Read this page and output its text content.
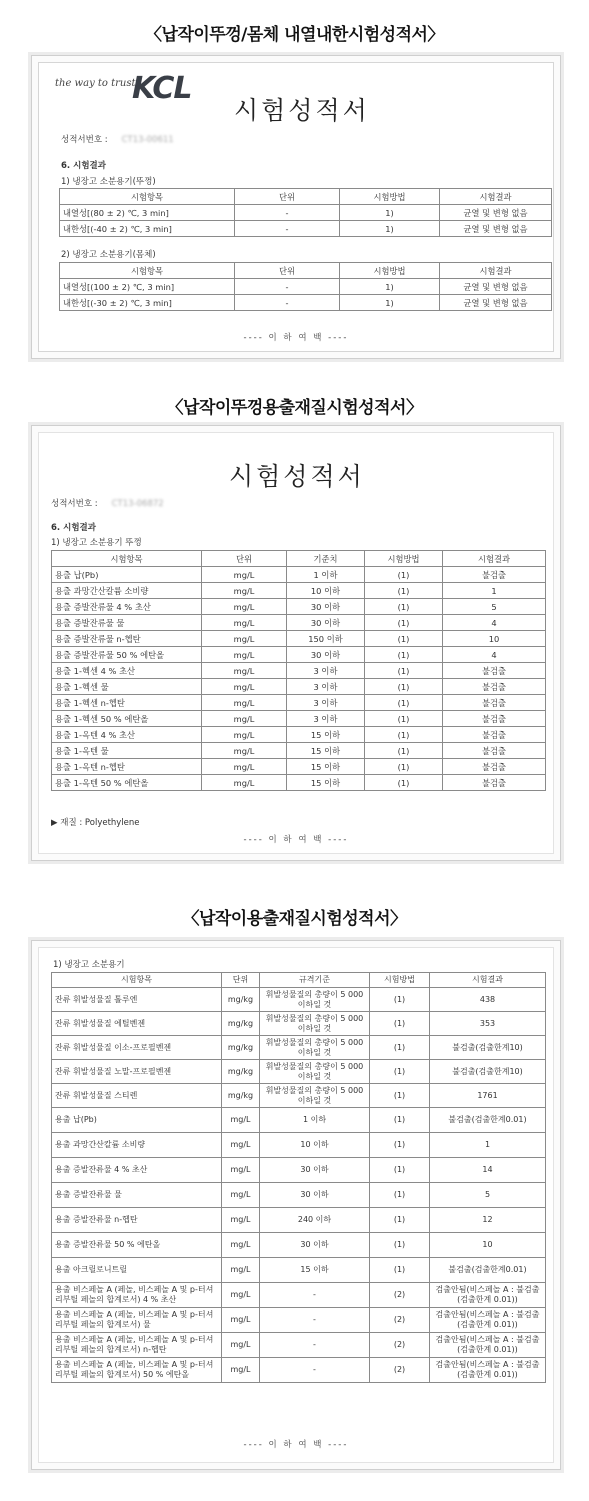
〈납작이뚜껑/몸체 내열내한시험성적서〉
the way to trust
KCL
시험성적서
성적서번호 : CT13-00611
6. 시험결과
1) 냉장고 소분용기(뚜껑)
시험항목	단위	시험방법	시험결과
내열성[(80 ± 2) ℃, 3 min]	-	1)	균열 및 변형 없음
내한성[(-40 ± 2) ℃, 3 min]	-	1)	균열 및 변형 없음
2) 냉장고 소분용기(몸체)
시험항목	단위	시험방법	시험결과
내열성[(100 ± 2) ℃, 3 min]	-	1)	균열 및 변형 없음
내한성[(-30 ± 2) ℃, 3 min]	-	1)	균열 및 변형 없음
---- 이 하 여 백 ----
〈납작이뚜껑용출재질시험성적서〉
시험성적서
성적서번호 : CT13-06872
6. 시험결과
1) 냉장고 소분용기 뚜껑
시험항목	단위	기준치	시험방법	시험결과
용출 납(Pb)	mg/L	1 이하	(1)	불검출
용출 과망간산칼륨 소비량	mg/L	10 이하	(1)	1
용출 증발잔류물 4 % 초산	mg/L	30 이하	(1)	5
용출 증발잔류물 물	mg/L	30 이하	(1)	4
용출 증발잔류물 n-헵탄	mg/L	150 이하	(1)	10
용출 증발잔류물 50 % 에탄올	mg/L	30 이하	(1)	4
용출 1-헥센 4 % 초산	mg/L	3 이하	(1)	불검출
용출 1-헥센 물	mg/L	3 이하	(1)	불검출
용출 1-헥센 n-헵탄	mg/L	3 이하	(1)	불검출
용출 1-헥센 50 % 에탄올	mg/L	3 이하	(1)	불검출
용출 1-옥텐 4 % 초산	mg/L	15 이하	(1)	불검출
용출 1-옥텐 물	mg/L	15 이하	(1)	불검출
용출 1-옥텐 n-헵탄	mg/L	15 이하	(1)	불검출
용출 1-옥텐 50 % 에탄올	mg/L	15 이하	(1)	불검출
▶ 재질 : Polyethylene
---- 이 하 여 백 ----
〈납작이용출재질시험성적서〉
1) 냉장고 소분용기
시험항목	단위	규격기준	시험방법	시험결과
잔류 휘발성물질 톨루엔	mg/kg	휘발성물질의 총량이 5 000 이하일 것	(1)	438
잔류 휘발성물질 에틸벤젠	mg/kg	휘발성물질의 총량이 5 000 이하일 것	(1)	353
잔류 휘발성물질 이소-프로필벤젠	mg/kg	휘발성물질의 총량이 5 000 이하일 것	(1)	불검출(검출한계10)
잔류 휘발성물질 노말-프로필벤젠	mg/kg	휘발성물질의 총량이 5 000 이하일 것	(1)	불검출(검출한계10)
잔류 휘발성물질 스티렌	mg/kg	휘발성물질의 총량이 5 000 이하일 것	(1)	1761
용출 납(Pb)	mg/L	1 이하	(1)	불검출(검출한계0.01)
용출 과망간산칼륨 소비량	mg/L	10 이하	(1)	1
용출 증발잔류물 4 % 초산	mg/L	30 이하	(1)	14
용출 증발잔류물 물	mg/L	30 이하	(1)	5
용출 증발잔류물 n-헵탄	mg/L	240 이하	(1)	12
용출 증발잔류물 50 % 에탄올	mg/L	30 이하	(1)	10
용출 아크릴로니트릴	mg/L	15 이하	(1)	불검출(검출한계0.01)
용출 비스페놀 A (페놀, 비스페놀 A 및 p-터셔리부틸 페놀의 합계로서) 4 % 초산	mg/L	-	(2)	검출안됨(비스페놀 A : 불검출(검출한계 0.01))
용출 비스페놀 A (페놀, 비스페놀 A 및 p-터셔리부틸 페놀의 합계로서) 물	mg/L	-	(2)	검출안됨(비스페놀 A : 불검출(검출한계 0.01))
용출 비스페놀 A (페놀, 비스페놀 A 및 p-터셔리부틸 페놀의 합계로서) n-헵탄	mg/L	-	(2)	검출안됨(비스페놀 A : 불검출(검출한계 0.01))
용출 비스페놀 A (페놀, 비스페놀 A 및 p-터셔리부틸 페놀의 합계로서) 50 % 에탄올	mg/L	-	(2)	검출안됨(비스페놀 A : 불검출(검출한계 0.01))
---- 이 하 여 백 ----
